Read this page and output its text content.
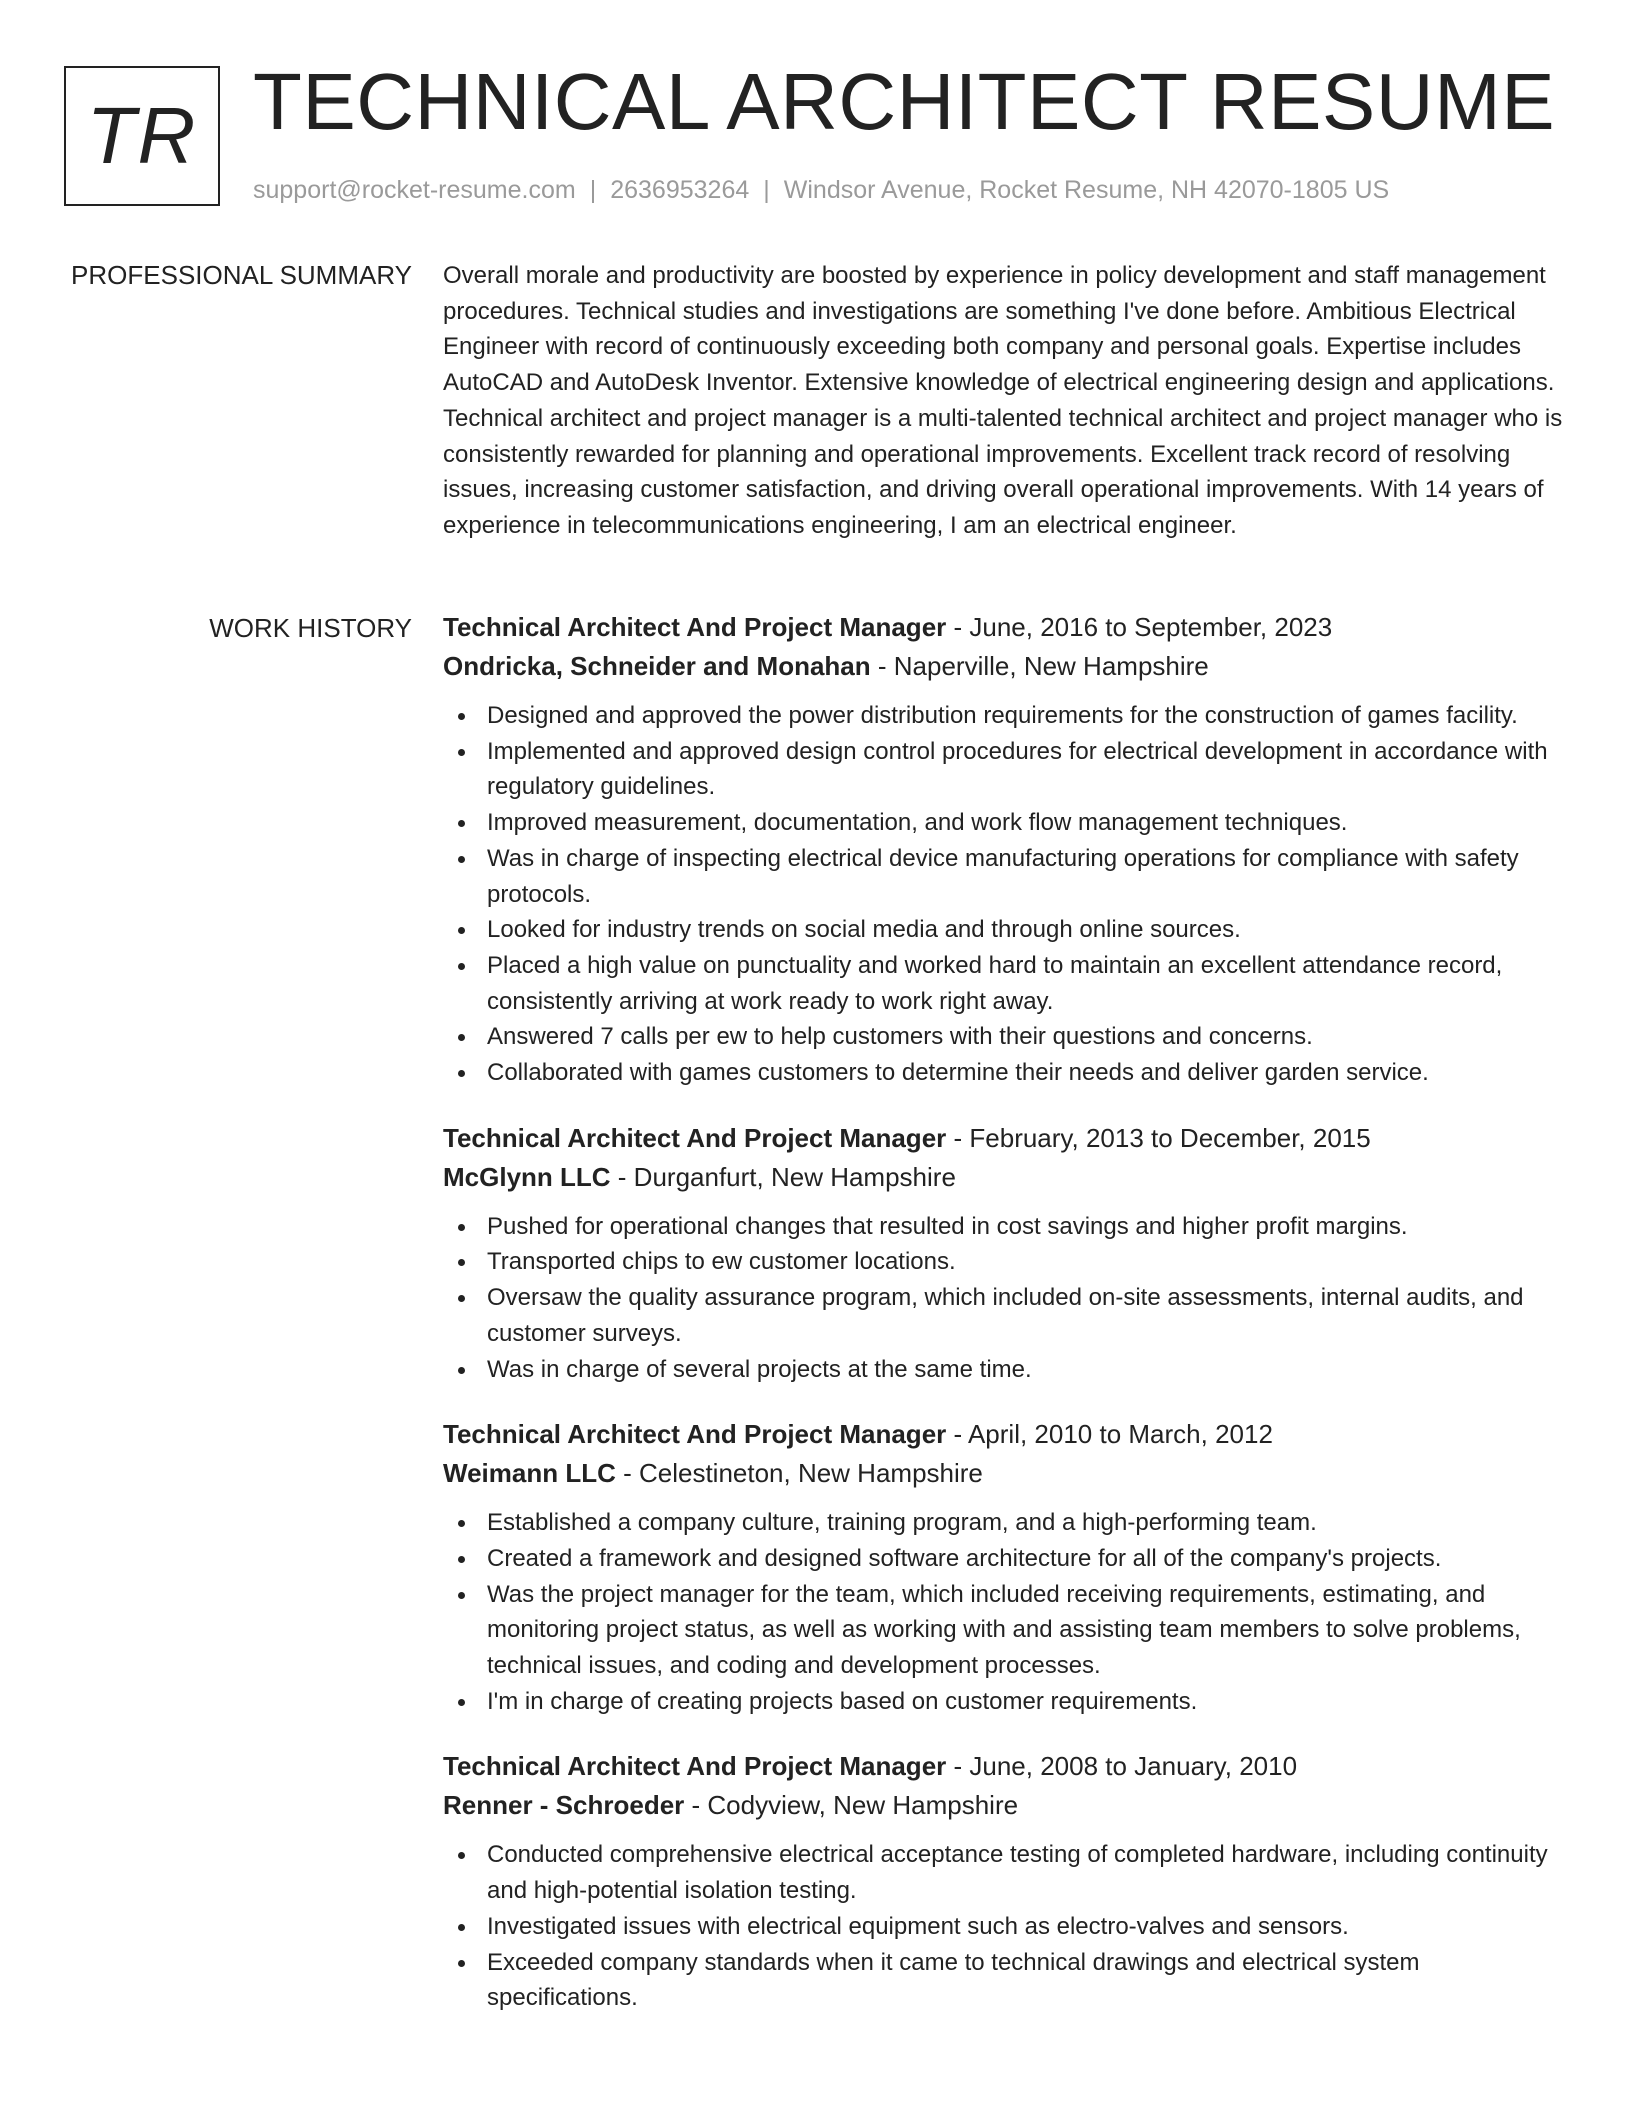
TR TECHNICAL ARCHITECT RESUME
support@rocket-resume.com | 2636953264 | Windsor Avenue, Rocket Resume, NH 42070-1805 US
PROFESSIONAL SUMMARY Overall morale and productivity are boosted by experience in policy development and staff management procedures. Technical studies and investigations are something I've done before. Ambitious Electrical Engineer with record of continuously exceeding both company and personal goals. Expertise includes AutoCAD and AutoDesk Inventor. Extensive knowledge of electrical engineering design and applications. Technical architect and project manager is a multi-talented technical architect and project manager who is consistently rewarded for planning and operational improvements. Excellent track record of resolving issues, increasing customer satisfaction, and driving overall operational improvements. With 14 years of experience in telecommunications engineering, I am an electrical engineer.

WORK HISTORY Technical Architect And Project Manager - June, 2016 to September, 2023
Ondricka, Schneider and Monahan - Naperville, New Hampshire
Designed and approved the power distribution requirements for the construction of games facility.
Implemented and approved design control procedures for electrical development in accordance with regulatory guidelines.
Improved measurement, documentation, and work flow management techniques.
Was in charge of inspecting electrical device manufacturing operations for compliance with safety protocols.
Looked for industry trends on social media and through online sources.
Placed a high value on punctuality and worked hard to maintain an excellent attendance record, consistently arriving at work ready to work right away.
Answered 7 calls per ew to help customers with their questions and concerns.
Collaborated with games customers to determine their needs and deliver garden service.
Technical Architect And Project Manager - February, 2013 to December, 2015
McGlynn LLC - Durganfurt, New Hampshire
Pushed for operational changes that resulted in cost savings and higher profit margins.
Transported chips to ew customer locations.
Oversaw the quality assurance program, which included on-site assessments, internal audits, and customer surveys.
Was in charge of several projects at the same time.
Technical Architect And Project Manager - April, 2010 to March, 2012
Weimann LLC - Celestineton, New Hampshire
Established a company culture, training program, and a high-performing team.
Created a framework and designed software architecture for all of the company's projects.
Was the project manager for the team, which included receiving requirements, estimating, and monitoring project status, as well as working with and assisting team members to solve problems, technical issues, and coding and development processes.
I'm in charge of creating projects based on customer requirements.
Technical Architect And Project Manager - June, 2008 to January, 2010
Renner - Schroeder - Codyview, New Hampshire
Conducted comprehensive electrical acceptance testing of completed hardware, including continuity and high-potential isolation testing.
Investigated issues with electrical equipment such as electro-valves and sensors.
Exceeded company standards when it came to technical drawings and electrical system specifications.
